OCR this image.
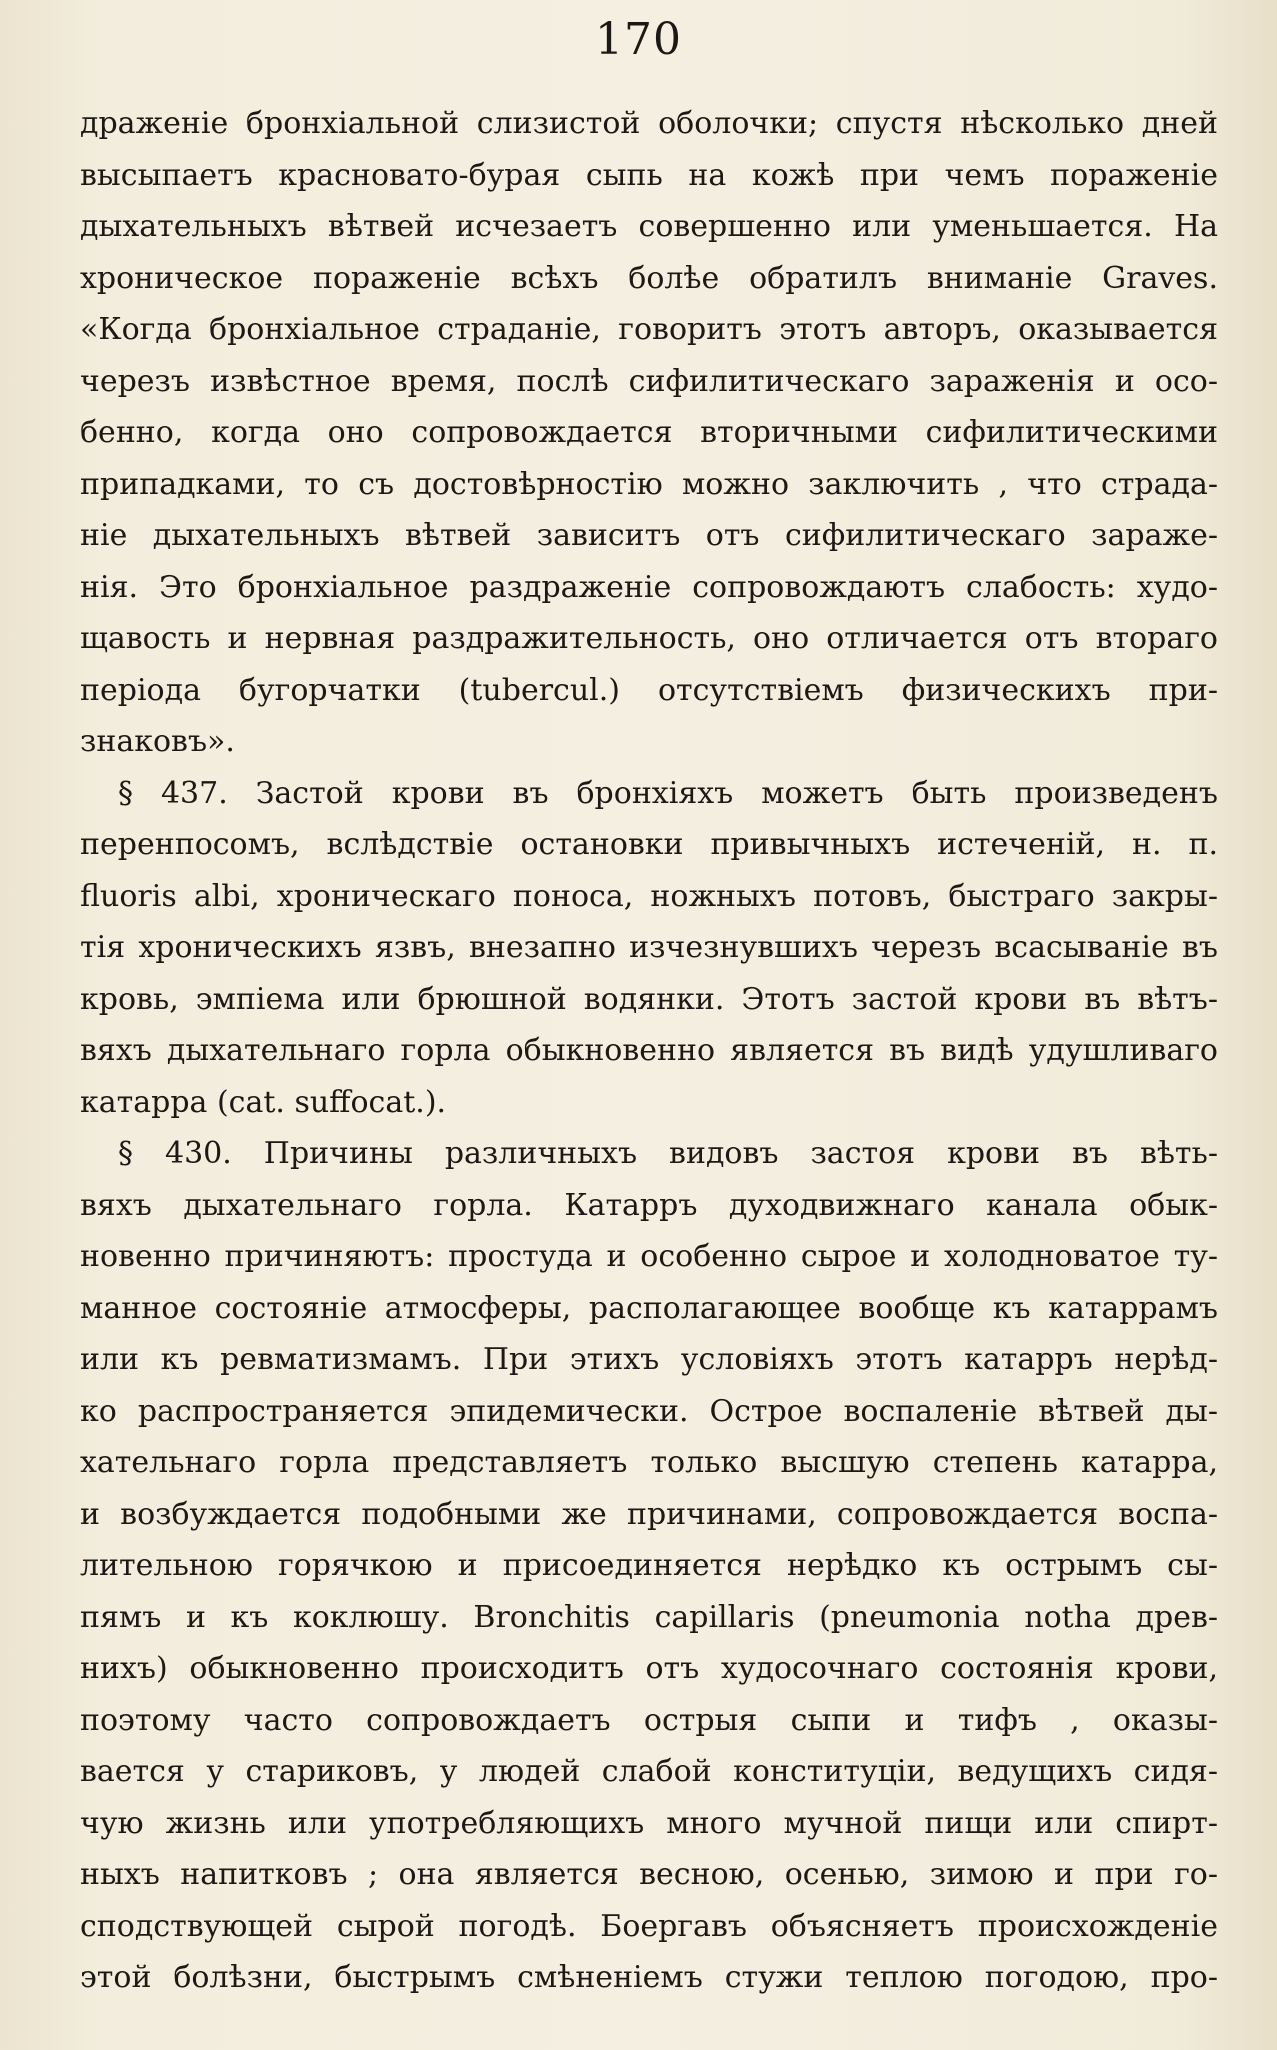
170
драженіе бронхіальной слизистой оболочки; спустя нѣсколько дней
высыпаетъ красновато-бурая сыпь на кожѣ при чемъ пораженіе
дыхательныхъ вѣтвей исчезаетъ совершенно или уменьшается. На
хроническое пораженіе всѣхъ болѣе обратилъ вниманіе Graves.
«Когда бронхіальное страданіе, говоритъ этотъ авторъ, оказывается
черезъ извѣстное время, послѣ сифилитическаго зараженія и осо-
бенно, когда оно сопровождается вторичными сифилитическими
припадками, то съ достовѣрностію можно заключить , что страда-
ніе дыхательныхъ вѣтвей зависитъ отъ сифилитическаго зараже-
нія. Это бронхіальное раздраженіе сопровождаютъ слабость: худо-
щавость и нервная раздражительность, оно отличается отъ втораго
періода бугорчатки (tubercul.) отсутствіемъ физическихъ при-
знаковъ».
§ 437. Застой крови въ бронхіяхъ можетъ быть произведенъ
перенпосомъ, вслѣдствіе остановки привычныхъ истеченій, н. п.
fluoris albi, хроническаго поноса, ножныхъ потовъ, быстраго закры-
тія хроническихъ язвъ, внезапно изчезнувшихъ черезъ всасываніе въ
кровь, эмпіема или брюшной водянки. Этотъ застой крови въ вѣтъ-
вяхъ дыхательнаго горла обыкновенно является въ видѣ удушливаго
катарра (cat. suffocat.).
§ 430. Причины различныхъ видовъ застоя крови въ вѣть-
вяхъ дыхательнаго горла. Катарръ духодвижнаго канала обык-
новенно причиняютъ: простуда и особенно сырое и холодноватое ту-
манное состояніе атмосферы, располагающее вообще къ катаррамъ
или къ ревматизмамъ. При этихъ условіяхъ этотъ катарръ нерѣд-
ко распространяется эпидемически. Острое воспаленіе вѣтвей ды-
хательнаго горла представляетъ только высшую степень катарра,
и возбуждается подобными же причинами, сопровождается воспа-
лительною горячкою и присоединяется нерѣдко къ острымъ сы-
пямъ и къ коклюшу. Bronchitis capillaris (pneumonia notha древ-
нихъ) обыкновенно происходитъ отъ худосочнаго состоянія крови,
поэтому часто сопровождаетъ острыя сыпи и тифъ , оказы-
вается у стариковъ, у людей слабой конституціи, ведущихъ сидя-
чую жизнь или употребляющихъ много мучной пищи или спирт-
ныхъ напитковъ ; она является весною, осенью, зимою и при го-
сподствующей сырой погодѣ. Боергавъ объясняетъ происхожденіе
этой болѣзни, быстрымъ смѣненіемъ стужи теплою погодою, про-
